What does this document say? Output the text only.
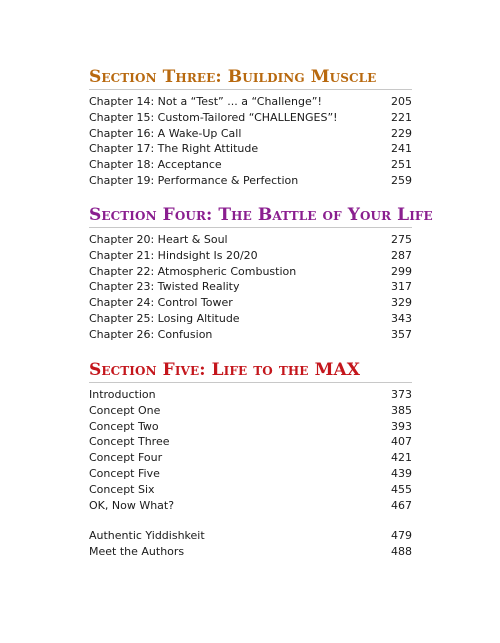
Section Three: Building Muscle
Chapter 14: Not a “Test” ... a “Challenge”!	205
Chapter 15: Custom-Tailored “CHALLENGES”!	221
Chapter 16: A Wake-Up Call	229
Chapter 17: The Right Attitude	241
Chapter 18: Acceptance	251
Chapter 19: Performance & Perfection	259
Section Four: The Battle of Your Life
Chapter 20: Heart & Soul	275
Chapter 21: Hindsight Is 20/20	287
Chapter 22: Atmospheric Combustion	299
Chapter 23: Twisted Reality	317
Chapter 24: Control Tower	329
Chapter 25: Losing Altitude	343
Chapter 26: Confusion	357
Section Five: Life to the MAX
Introduction	373
Concept One	385
Concept Two	393
Concept Three	407
Concept Four	421
Concept Five	439
Concept Six	455
OK, Now What?	467
Authentic Yiddishkeit	479
Meet the Authors	488
